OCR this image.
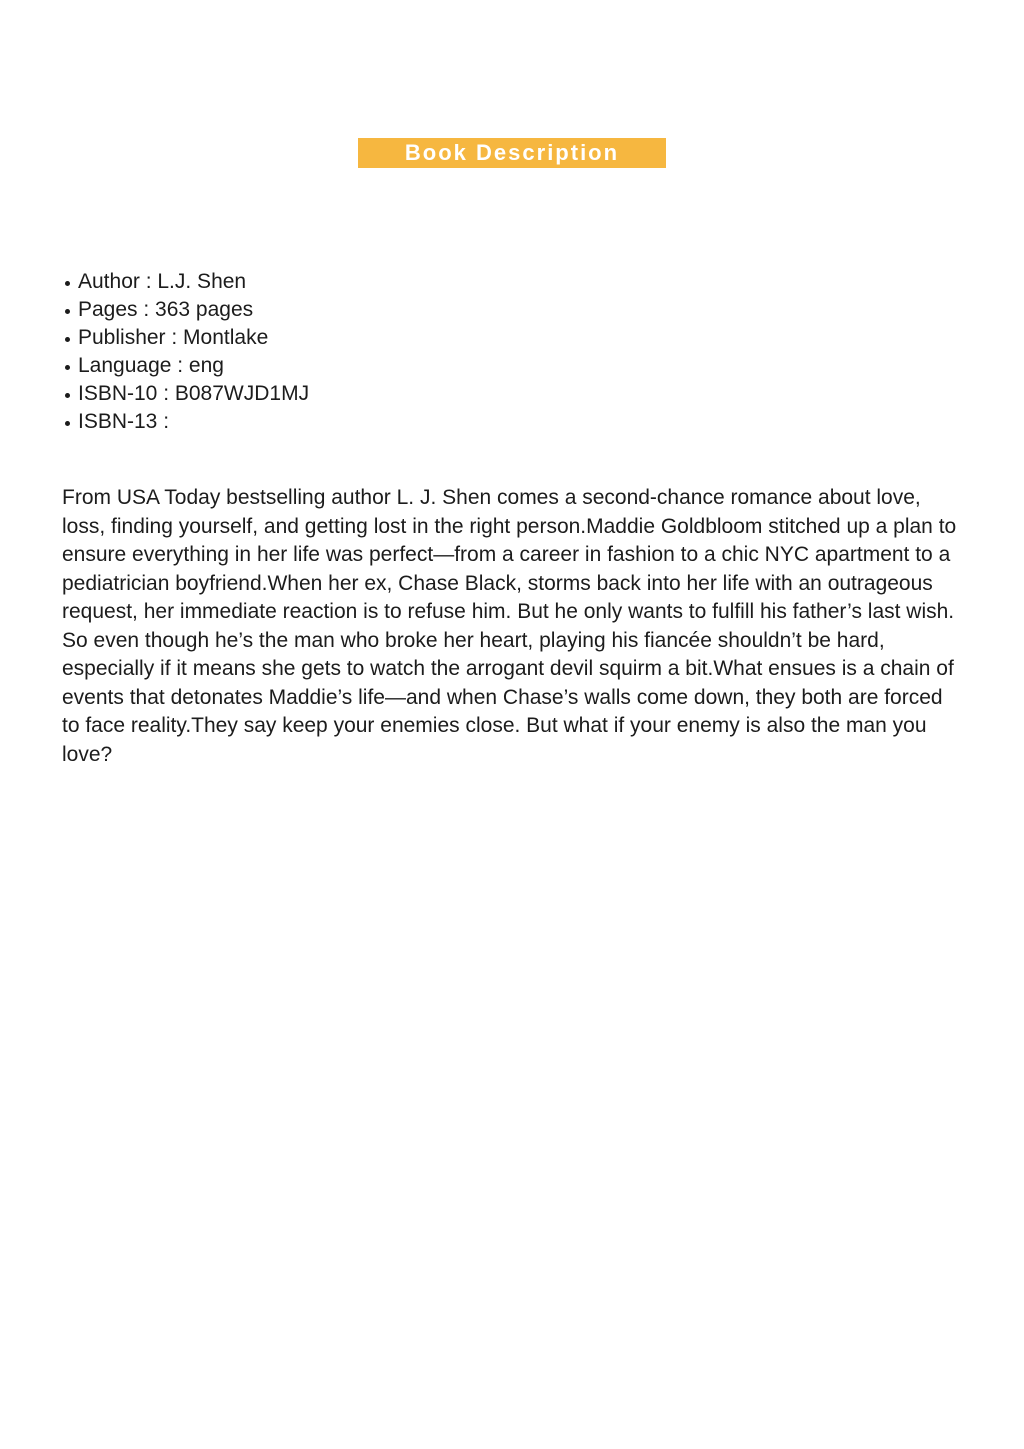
Book Description
Author : L.J. Shen
Pages : 363 pages
Publisher : Montlake
Language : eng
ISBN-10 : B087WJD1MJ
ISBN-13 :

From USA Today bestselling author L. J. Shen comes a second-chance romance about love, loss, finding yourself, and getting lost in the right person.Maddie Goldbloom stitched up a plan to ensure everything in her life was perfect—from a career in fashion to a chic NYC apartment to a pediatrician boyfriend.When her ex, Chase Black, storms back into her life with an outrageous request, her immediate reaction is to refuse him. But he only wants to fulfill his father’s last wish. So even though he’s the man who broke her heart, playing his fiancée shouldn’t be hard, especially if it means she gets to watch the arrogant devil squirm a bit.What ensues is a chain of events that detonates Maddie’s life—and when Chase’s walls come down, they both are forced to face reality.They say keep your enemies close. But what if your enemy is also the man you love?
